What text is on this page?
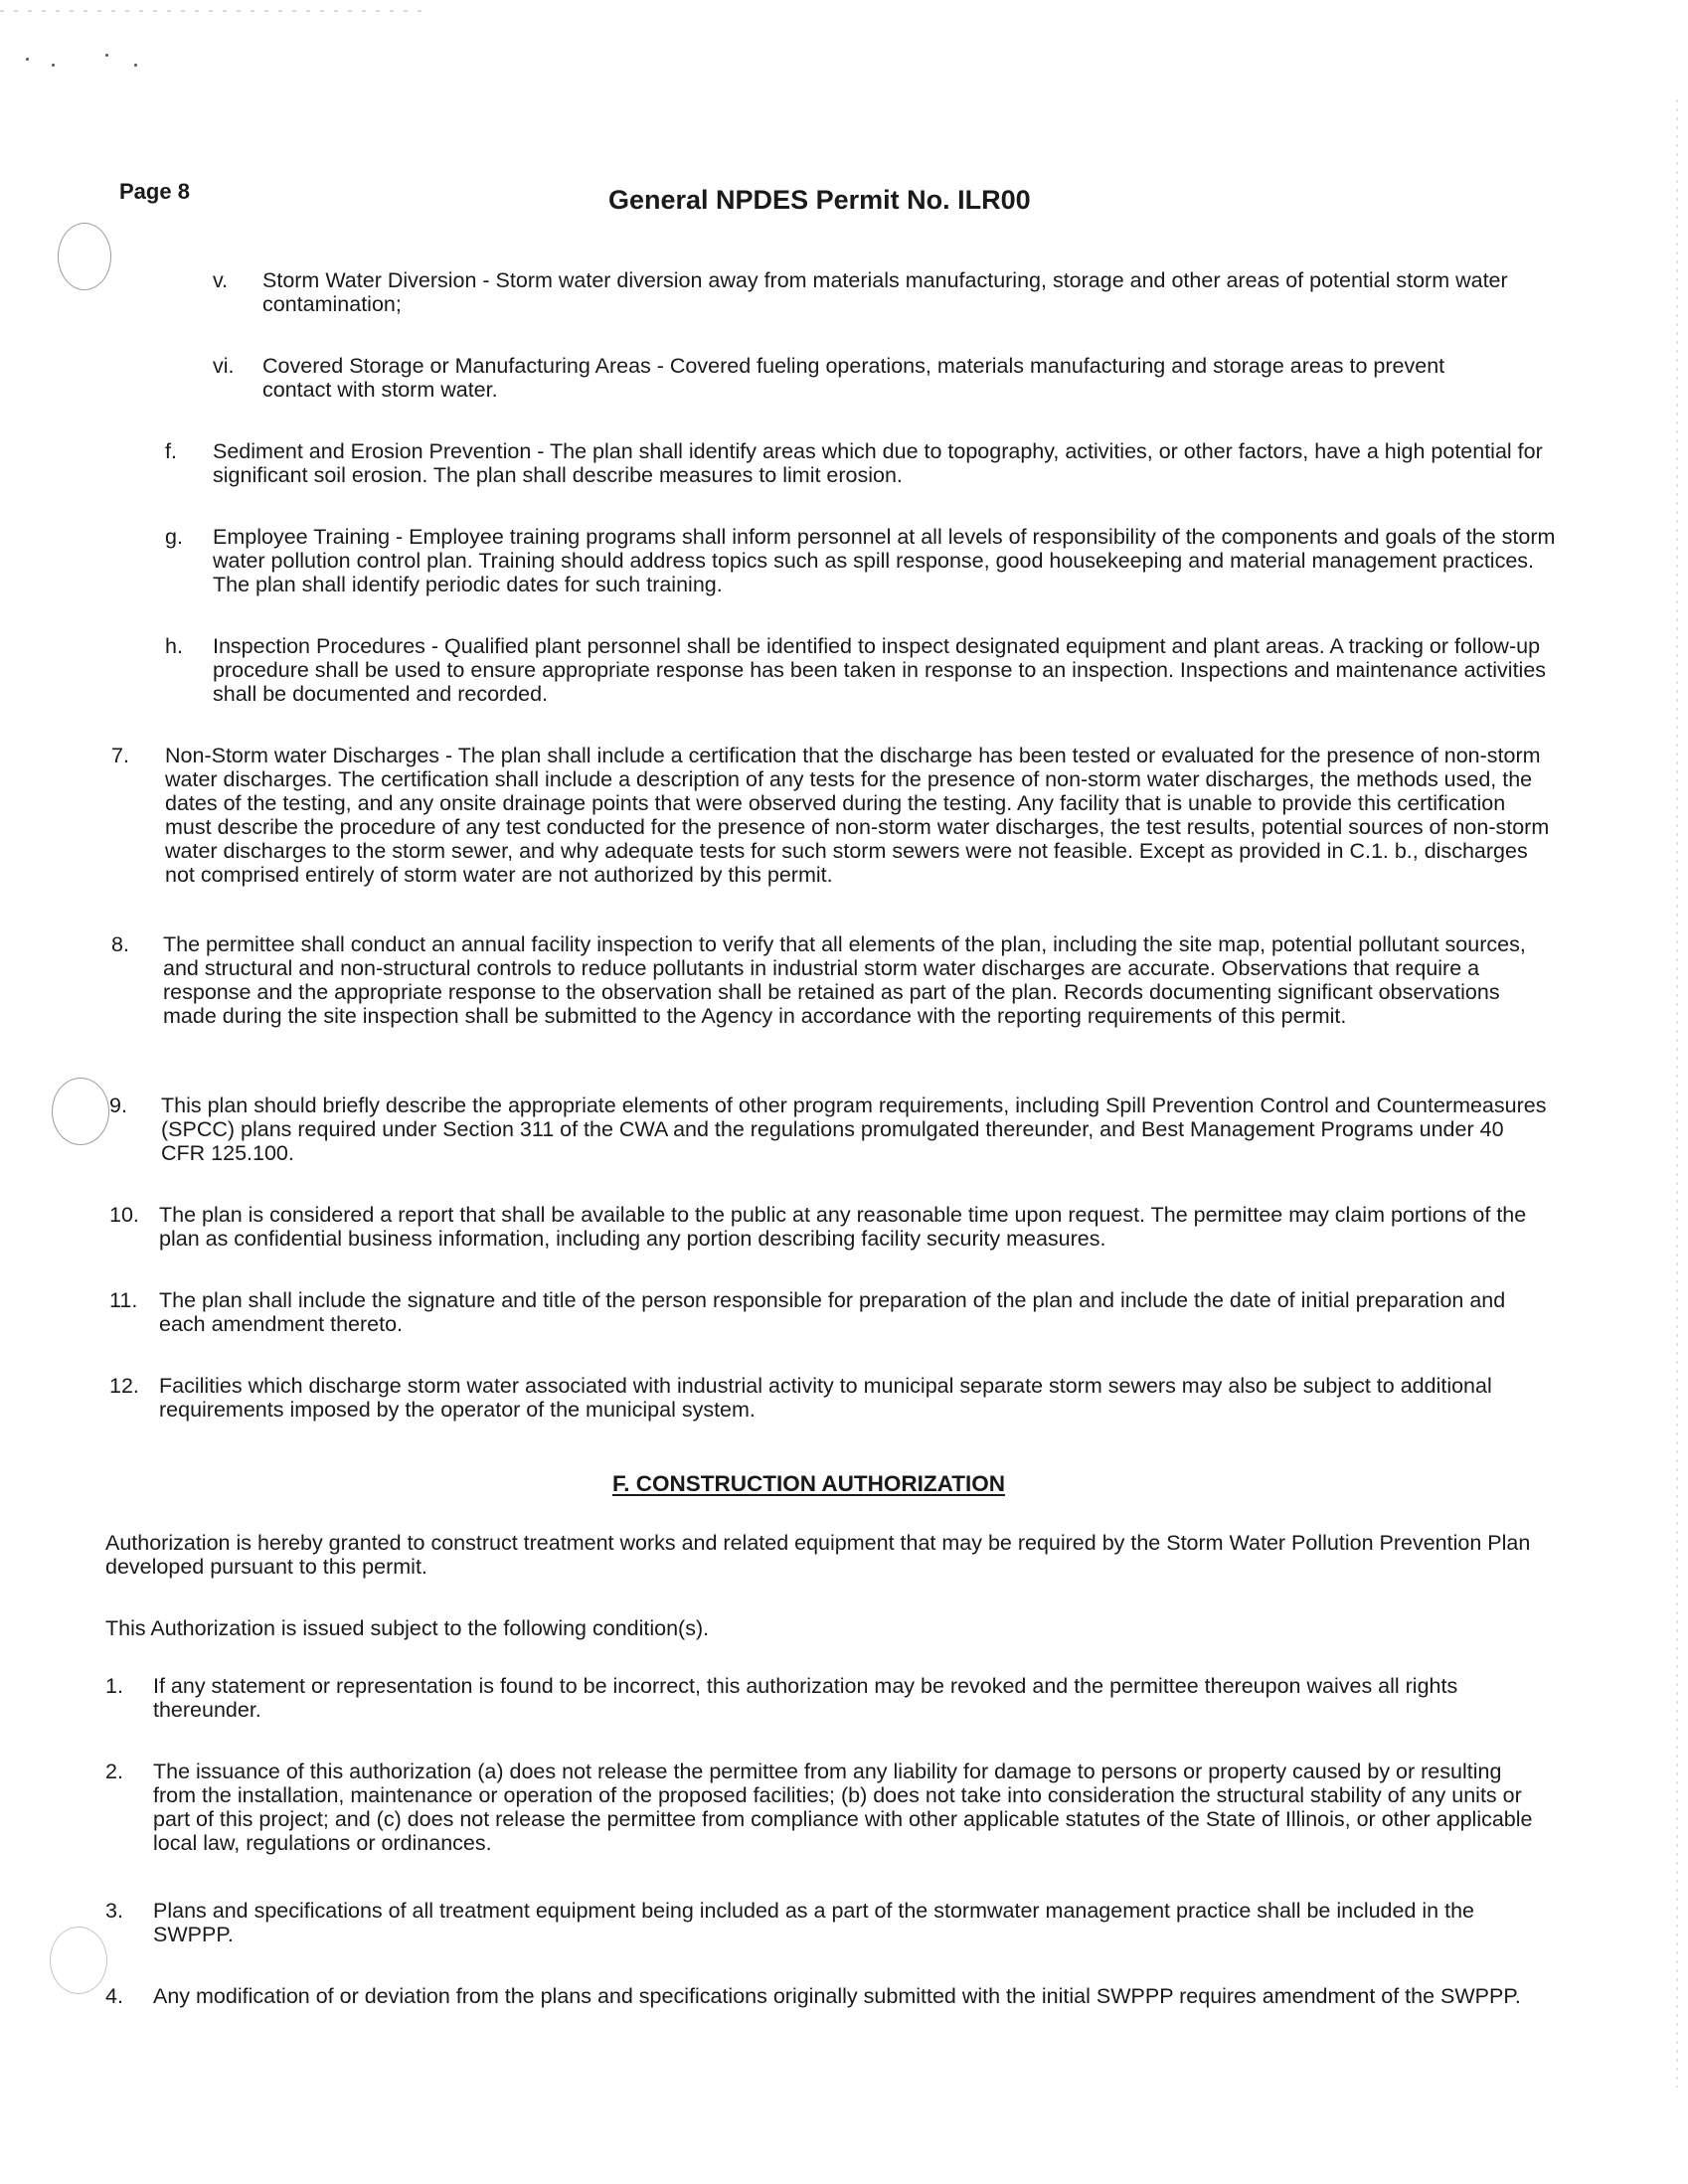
Page 8	General NPDES Permit No. ILR00
v. Storm Water Diversion - Storm water diversion away from materials manufacturing, storage and other areas of potential storm water contamination;
vi. Covered Storage or Manufacturing Areas - Covered fueling operations, materials manufacturing and storage areas to prevent contact with storm water.
f. Sediment and Erosion Prevention - The plan shall identify areas which due to topography, activities, or other factors, have a high potential for significant soil erosion. The plan shall describe measures to limit erosion.
g. Employee Training - Employee training programs shall inform personnel at all levels of responsibility of the components and goals of the storm water pollution control plan. Training should address topics such as spill response, good housekeeping and material management practices. The plan shall identify periodic dates for such training.
h. Inspection Procedures - Qualified plant personnel shall be identified to inspect designated equipment and plant areas. A tracking or follow-up procedure shall be used to ensure appropriate response has been taken in response to an inspection. Inspections and maintenance activities shall be documented and recorded.
7. Non-Storm water Discharges - The plan shall include a certification that the discharge has been tested or evaluated for the presence of non-storm water discharges. The certification shall include a description of any tests for the presence of non-storm water discharges, the methods used, the dates of the testing, and any onsite drainage points that were observed during the testing. Any facility that is unable to provide this certification must describe the procedure of any test conducted for the presence of non-storm water discharges, the test results, potential sources of non-storm water discharges to the storm sewer, and why adequate tests for such storm sewers were not feasible. Except as provided in C.1. b., discharges not comprised entirely of storm water are not authorized by this permit.
8. The permittee shall conduct an annual facility inspection to verify that all elements of the plan, including the site map, potential pollutant sources, and structural and non-structural controls to reduce pollutants in industrial storm water discharges are accurate. Observations that require a response and the appropriate response to the observation shall be retained as part of the plan. Records documenting significant observations made during the site inspection shall be submitted to the Agency in accordance with the reporting requirements of this permit.
9. This plan should briefly describe the appropriate elements of other program requirements, including Spill Prevention Control and Countermeasures (SPCC) plans required under Section 311 of the CWA and the regulations promulgated thereunder, and Best Management Programs under 40 CFR 125.100.
10. The plan is considered a report that shall be available to the public at any reasonable time upon request. The permittee may claim portions of the plan as confidential business information, including any portion describing facility security measures.
11. The plan shall include the signature and title of the person responsible for preparation of the plan and include the date of initial preparation and each amendment thereto.
12. Facilities which discharge storm water associated with industrial activity to municipal separate storm sewers may also be subject to additional requirements imposed by the operator of the municipal system.
F. CONSTRUCTION AUTHORIZATION
Authorization is hereby granted to construct treatment works and related equipment that may be required by the Storm Water Pollution Prevention Plan developed pursuant to this permit.
This Authorization is issued subject to the following condition(s).
1. If any statement or representation is found to be incorrect, this authorization may be revoked and the permittee thereupon waives all rights thereunder.
2. The issuance of this authorization (a) does not release the permittee from any liability for damage to persons or property caused by or resulting from the installation, maintenance or operation of the proposed facilities; (b) does not take into consideration the structural stability of any units or part of this project; and (c) does not release the permittee from compliance with other applicable statutes of the State of Illinois, or other applicable local law, regulations or ordinances.
3. Plans and specifications of all treatment equipment being included as a part of the stormwater management practice shall be included in the SWPPP.
4. Any modification of or deviation from the plans and specifications originally submitted with the initial SWPPP requires amendment of the SWPPP.
